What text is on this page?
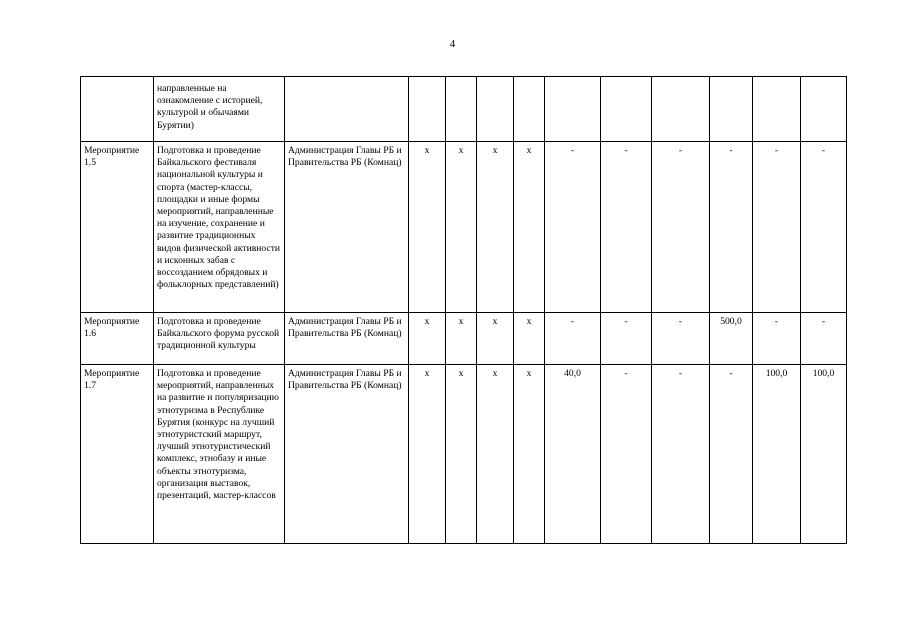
4
	направленные на ознакомление с историей, культурой и обычаями Бурятии)											
Мероприятие 1.5	Подготовка и проведение Байкальского фестиваля национальной культуры и спорта (мастер-классы, площадки и иные формы мероприятий, направленные на изучение, сохранение и развитие традиционных видов физической активности и исконных забав с воссозданием обрядовых и фольклорных представлений)	Администрация Главы РБ и Правительства РБ (Комнац)	х	х	х	х	-	-	-	-	-	-
Мероприятие 1.6	Подготовка и проведение Байкальского форума русской традиционной культуры	Администрация Главы РБ и Правительства РБ (Комнац)	х	х	х	х	-	-	-	500,0	-	-
Мероприятие 1.7	Подготовка и проведение мероприятий, направленных на развитие и популяризацию этнотуризма в Республике Бурятия (конкурс на лучший этнотуристский маршрут, лучший этнотуристический комплекс, этнобазу и иные объекты этнотуризма, организация выставок, презентаций, мастер-классов	Администрация Главы РБ и Правительства РБ (Комнац)	х	х	х	х	40,0	-	-	-	100,0	100,0
